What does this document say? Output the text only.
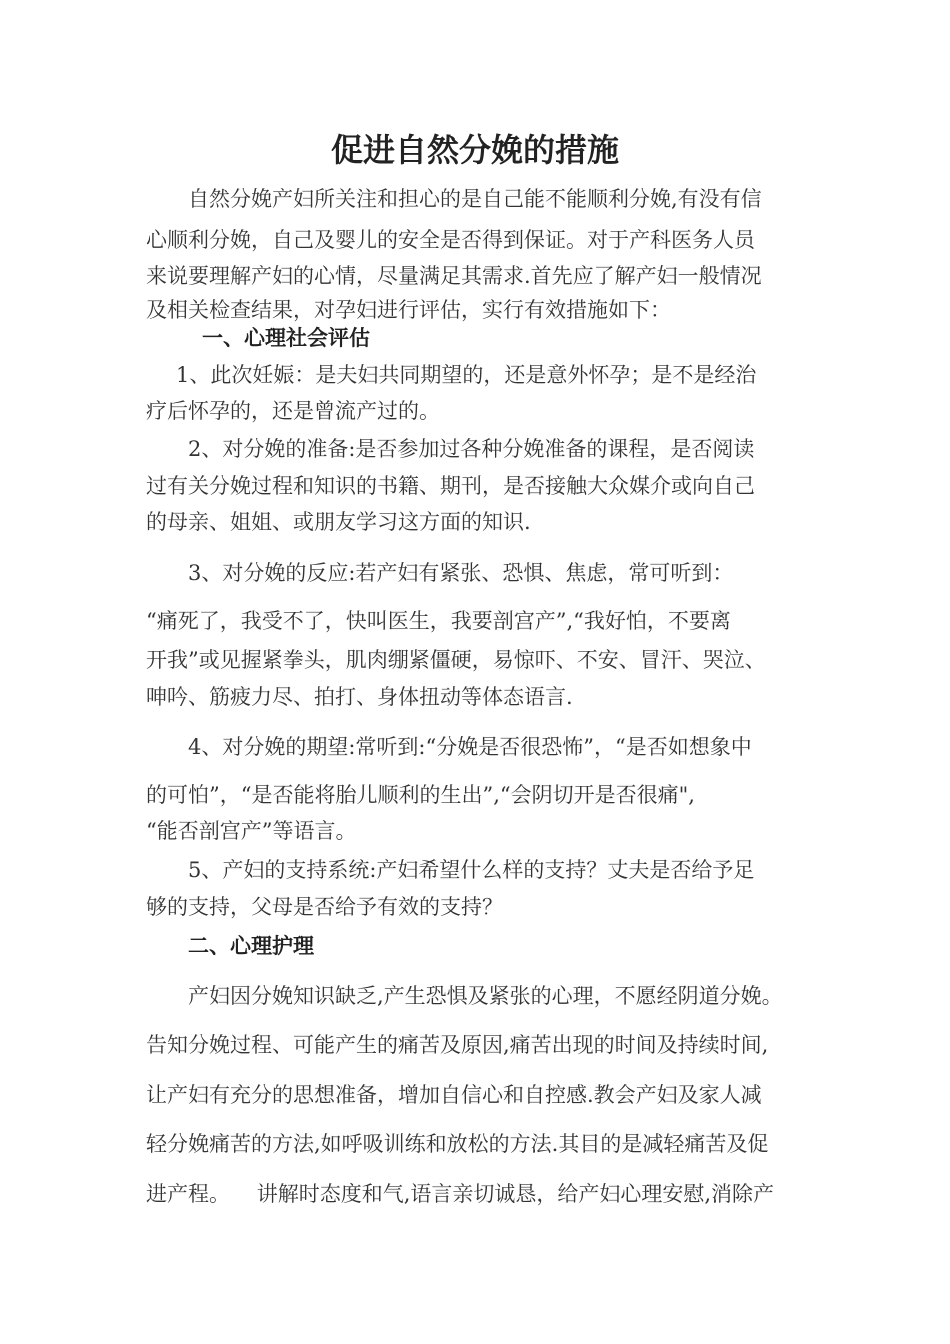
促进自然分娩的措施
自然分娩产妇所关注和担心的是自己能不能顺利分娩,有没有信
心顺利分娩，自己及婴儿的安全是否得到保证。对于产科医务人员
来说要理解产妇的心情，尽量满足其需求.首先应了解产妇一般情况
及相关检查结果，对孕妇进行评估，实行有效措施如下：
一、心理社会评估
1、此次妊娠：是夫妇共同期望的，还是意外怀孕；是不是经治
疗后怀孕的，还是曾流产过的。
2、对分娩的准备:是否参加过各种分娩准备的课程，是否阅读
过有关分娩过程和知识的书籍、期刊，是否接触大众媒介或向自己
的母亲、姐姐、或朋友学习这方面的知识.
3、对分娩的反应:若产妇有紧张、恐惧、焦虑，常可听到：
“痛死了，我受不了，快叫医生，我要剖宫产”,“我好怕，不要离
开我”或见握紧拳头，肌肉绷紧僵硬，易惊吓、不安、冒汗、哭泣、
呻吟、筋疲力尽、拍打、身体扭动等体态语言.
4、对分娩的期望:常听到:“分娩是否很恐怖”，“是否如想象中
的可怕”，“是否能将胎儿顺利的生出”,“会阴切开是否很痛",
“能否剖宫产”等语言。
5、产妇的支持系统:产妇希望什么样的支持？丈夫是否给予足
够的支持，父母是否给予有效的支持？
二、心理护理
产妇因分娩知识缺乏,产生恐惧及紧张的心理，不愿经阴道分娩。
告知分娩过程、可能产生的痛苦及原因,痛苦出现的时间及持续时间,
让产妇有充分的思想准备，增加自信心和自控感.教会产妇及家人减
轻分娩痛苦的方法,如呼吸训练和放松的方法.其目的是减轻痛苦及促
进产程。    讲解时态度和气,语言亲切诚恳，给产妇心理安慰,消除产
